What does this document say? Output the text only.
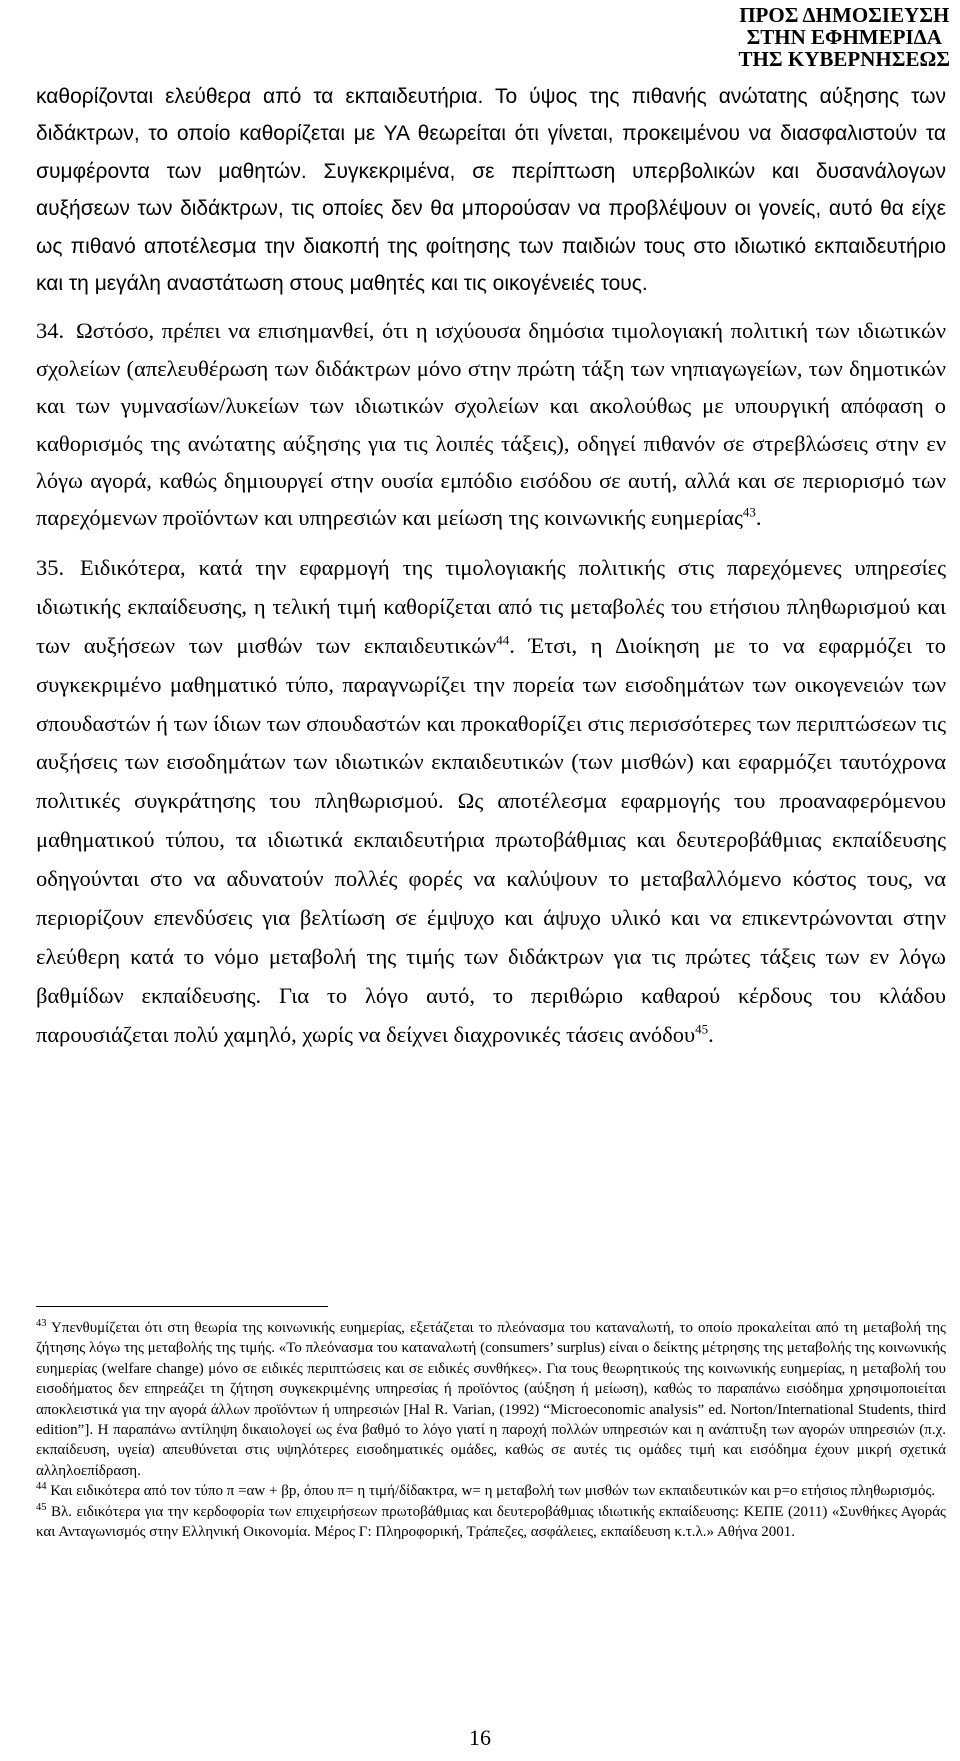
ΠΡΟΣ ΔΗΜΟΣΙΕΥΣΗ
ΣΤΗΝ ΕΦΗΜΕΡΙΔΑ
ΤΗΣ ΚΥΒΕΡΝΗΣΕΩΣ

καθορίζονται ελεύθερα από τα εκπαιδευτήρια. Το ύψος της πιθανής ανώτατης αύξησης των διδάκτρων, το οποίο καθορίζεται με ΥΑ θεωρείται ότι γίνεται, προκειμένου να διασφαλιστούν τα συμφέροντα των μαθητών. Συγκεκριμένα, σε περίπτωση υπερβολικών και δυσανάλογων αυξήσεων των διδάκτρων, τις οποίες δεν θα μπορούσαν να προβλέψουν οι γονείς, αυτό θα είχε ως πιθανό αποτέλεσμα την διακοπή της φοίτησης των παιδιών τους στο ιδιωτικό εκπαιδευτήριο και τη μεγάλη αναστάτωση στους μαθητές και τις οικογένειές τους.

34. Ωστόσο, πρέπει να επισημανθεί, ότι η ισχύουσα δημόσια τιμολογιακή πολιτική των ιδιωτικών σχολείων (απελευθέρωση των διδάκτρων μόνο στην πρώτη τάξη των νηπιαγωγείων, των δημοτικών και των γυμνασίων/λυκείων των ιδιωτικών σχολείων και ακολούθως με υπουργική απόφαση ο καθορισμός της ανώτατης αύξησης για τις λοιπές τάξεις), οδηγεί πιθανόν σε στρεβλώσεις στην εν λόγω αγορά, καθώς δημιουργεί στην ουσία εμπόδιο εισόδου σε αυτή, αλλά και σε περιορισμό των παρεχόμενων προϊόντων και υπηρεσιών και μείωση της κοινωνικής ευημερίας$^{43}$.

35. Ειδικότερα, κατά την εφαρμογή της τιμολογιακής πολιτικής στις παρεχόμενες υπηρεσίες ιδιωτικής εκπαίδευσης, η τελική τιμή καθορίζεται από τις μεταβολές του ετήσιου πληθωρισμού και των αυξήσεων των μισθών των εκπαιδευτικών$^{44}$. Έτσι, η Διοίκηση με το να εφαρμόζει το συγκεκριμένο μαθηματικό τύπο, παραγνωρίζει την πορεία των εισοδημάτων των οικογενειών των σπουδαστών ή των ίδιων των σπουδαστών και προκαθορίζει στις περισσότερες των περιπτώσεων τις αυξήσεις των εισοδημάτων των ιδιωτικών εκπαιδευτικών (των μισθών) και εφαρμόζει ταυτόχρονα πολιτικές συγκράτησης του πληθωρισμού. Ως αποτέλεσμα εφαρμογής του προαναφερόμενου μαθηματικού τύπου, τα ιδιωτικά εκπαιδευτήρια πρωτοβάθμιας και δευτεροβάθμιας εκπαίδευσης οδηγούνται στο να αδυνατούν πολλές φορές να καλύψουν το μεταβαλλόμενο κόστος τους, να περιορίζουν επενδύσεις για βελτίωση σε έμψυχο και άψυχο υλικό και να επικεντρώνονται στην ελεύθερη κατά το νόμο μεταβολή της τιμής των διδάκτρων για τις πρώτες τάξεις των εν λόγω βαθμίδων εκπαίδευσης. Για το λόγο αυτό, το περιθώριο καθαρού κέρδους του κλάδου παρουσιάζεται πολύ χαμηλό, χωρίς να δείχνει διαχρονικές τάσεις ανόδου$^{45}$.

$^{43}$ Υπενθυμίζεται ότι στη θεωρία της κοινωνικής ευημερίας, εξετάζεται το πλεόνασμα του καταναλωτή, το οποίο προκαλείται από τη μεταβολή της ζήτησης λόγω της μεταβολής της τιμής. «Το πλεόνασμα του καταναλωτή (consumers’ surplus) είναι ο δείκτης μέτρησης της μεταβολής της κοινωνικής ευημερίας (welfare change) μόνο σε ειδικές περιπτώσεις και σε ειδικές συνθήκες». Για τους θεωρητικούς της κοινωνικής ευημερίας, η μεταβολή του εισοδήματος δεν επηρεάζει τη ζήτηση συγκεκριμένης υπηρεσίας ή προϊόντος (αύξηση ή μείωση), καθώς το παραπάνω εισόδημα χρησιμοποιείται αποκλειστικά για την αγορά άλλων προϊόντων ή υπηρεσιών [Hal R. Varian, (1992) “Microeconomic analysis” ed. Norton/International Students, third edition”]. Η παραπάνω αντίληψη δικαιολογεί ως ένα βαθμό το λόγο γιατί η παροχή πολλών υπηρεσιών και η ανάπτυξη των αγορών υπηρεσιών (π.χ. εκπαίδευση, υγεία) απευθύνεται στις υψηλότερες εισοδηματικές ομάδες, καθώς σε αυτές τις ομάδες τιμή και εισόδημα έχουν μικρή σχετικά αλληλοεπίδραση.

$^{44}$ Και ειδικότερα από τον τύπο π =αw + βp, όπου π= η τιμή/δίδακτρα, w= η μεταβολή των μισθών των εκπαιδευτικών και p=ο ετήσιος πληθωρισμός.

$^{45}$ Βλ. ειδικότερα για την κερδοφορία των επιχειρήσεων πρωτοβάθμιας και δευτεροβάθμιας ιδιωτικής εκπαίδευσης: ΚΕΠΕ (2011) «Συνθήκες Αγοράς και Ανταγωνισμός στην Ελληνική Οικονομία. Μέρος Γ: Πληροφορική, Τράπεζες, ασφάλειες, εκπαίδευση κ.τ.λ.» Αθήνα 2001.

16
